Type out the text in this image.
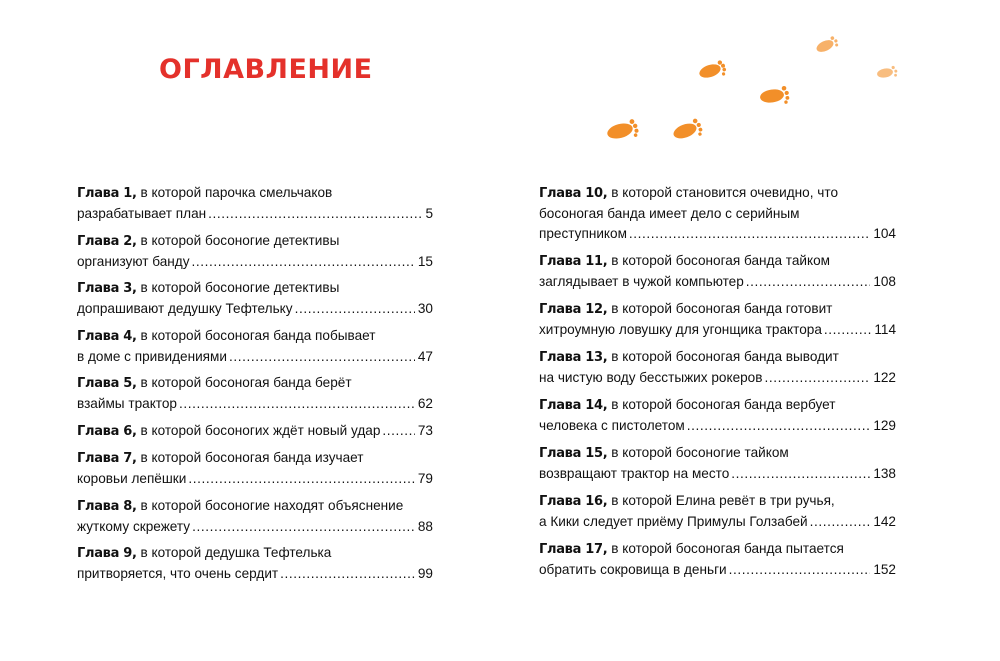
ОГЛАВЛЕНИЕ
Глава 1, в которой парочка смельчаков
разрабатывает план .....	5
Глава 2, в которой босоногие детективы
организуют банду .....	15
Глава 3, в которой босоногие детективы
допрашивают дедушку Тефтельку .....	30
Глава 4, в которой босоногая банда побывает
в доме с привидениями .....	47
Глава 5, в которой босоногая банда берёт
взаймы трактор .....	62
Глава 6, в которой босоногих ждёт новый удар .....	73
Глава 7, в которой босоногая банда изучает
коровьи лепёшки .....	79
Глава 8, в которой босоногие находят объяснение
жуткому скрежету .....	88
Глава 9, в которой дедушка Тефтелька
притворяется, что очень сердит .....	99
Глава 10, в которой становится очевидно, что
босоногая банда имеет дело с серийным
преступником .....	104
Глава 11, в которой босоногая банда тайком
заглядывает в чужой компьютер .....	108
Глава 12, в которой босоногая банда готовит
хитроумную ловушку для угонщика трактора .....	114
Глава 13, в которой босоногая банда выводит
на чистую воду бесстыжих рокеров .....	122
Глава 14, в которой босоногая банда вербует
человека с пистолетом .....	129
Глава 15, в которой босоногие тайком
возвращают трактор на место .....	138
Глава 16, в которой Елина ревёт в три ручья,
а Кики следует приёму Примулы Голзабей .....	142
Глава 17, в которой босоногая банда пытается
обратить сокровища в деньги .....	152
